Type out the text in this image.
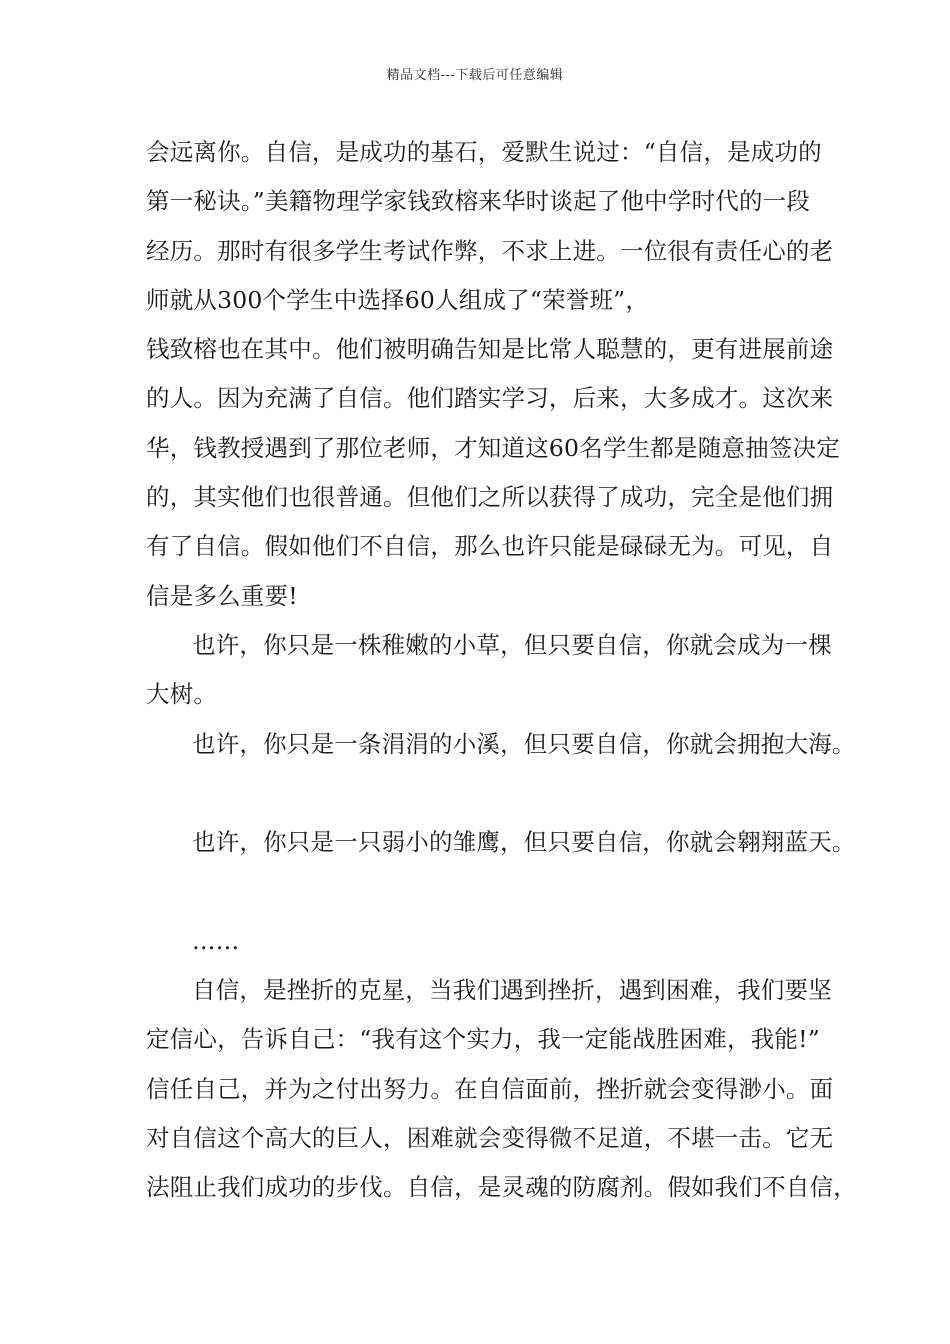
精品文档---下载后可任意编辑
会远离你。自信，是成功的基石，爱默生说过：“自信，是成功的
第一秘诀。”美籍物理学家钱致榕来华时谈起了他中学时代的一段
经历。那时有很多学生考试作弊，不求上进。一位很有责任心的老
师就从300个学生中选择60人组成了“荣誉班”，
钱致榕也在其中。他们被明确告知是比常人聪慧的，更有进展前途
的人。因为充满了自信。他们踏实学习，后来，大多成才。这次来
华，钱教授遇到了那位老师，才知道这60名学生都是随意抽签决定
的，其实他们也很普通。但他们之所以获得了成功，完全是他们拥
有了自信。假如他们不自信，那么也许只能是碌碌无为。可见，自
信是多么重要!
也许，你只是一株稚嫩的小草，但只要自信，你就会成为一棵
大树。
也许，你只是一条涓涓的小溪，但只要自信，你就会拥抱大海。
也许，你只是一只弱小的雏鹰，但只要自信，你就会翱翔蓝天。
……
自信，是挫折的克星，当我们遇到挫折，遇到困难，我们要坚
定信心，告诉自己：“我有这个实力，我一定能战胜困难，我能!”
信任自己，并为之付出努力。在自信面前，挫折就会变得渺小。面
对自信这个高大的巨人，困难就会变得微不足道，不堪一击。它无
法阻止我们成功的步伐。自信，是灵魂的防腐剂。假如我们不自信，
